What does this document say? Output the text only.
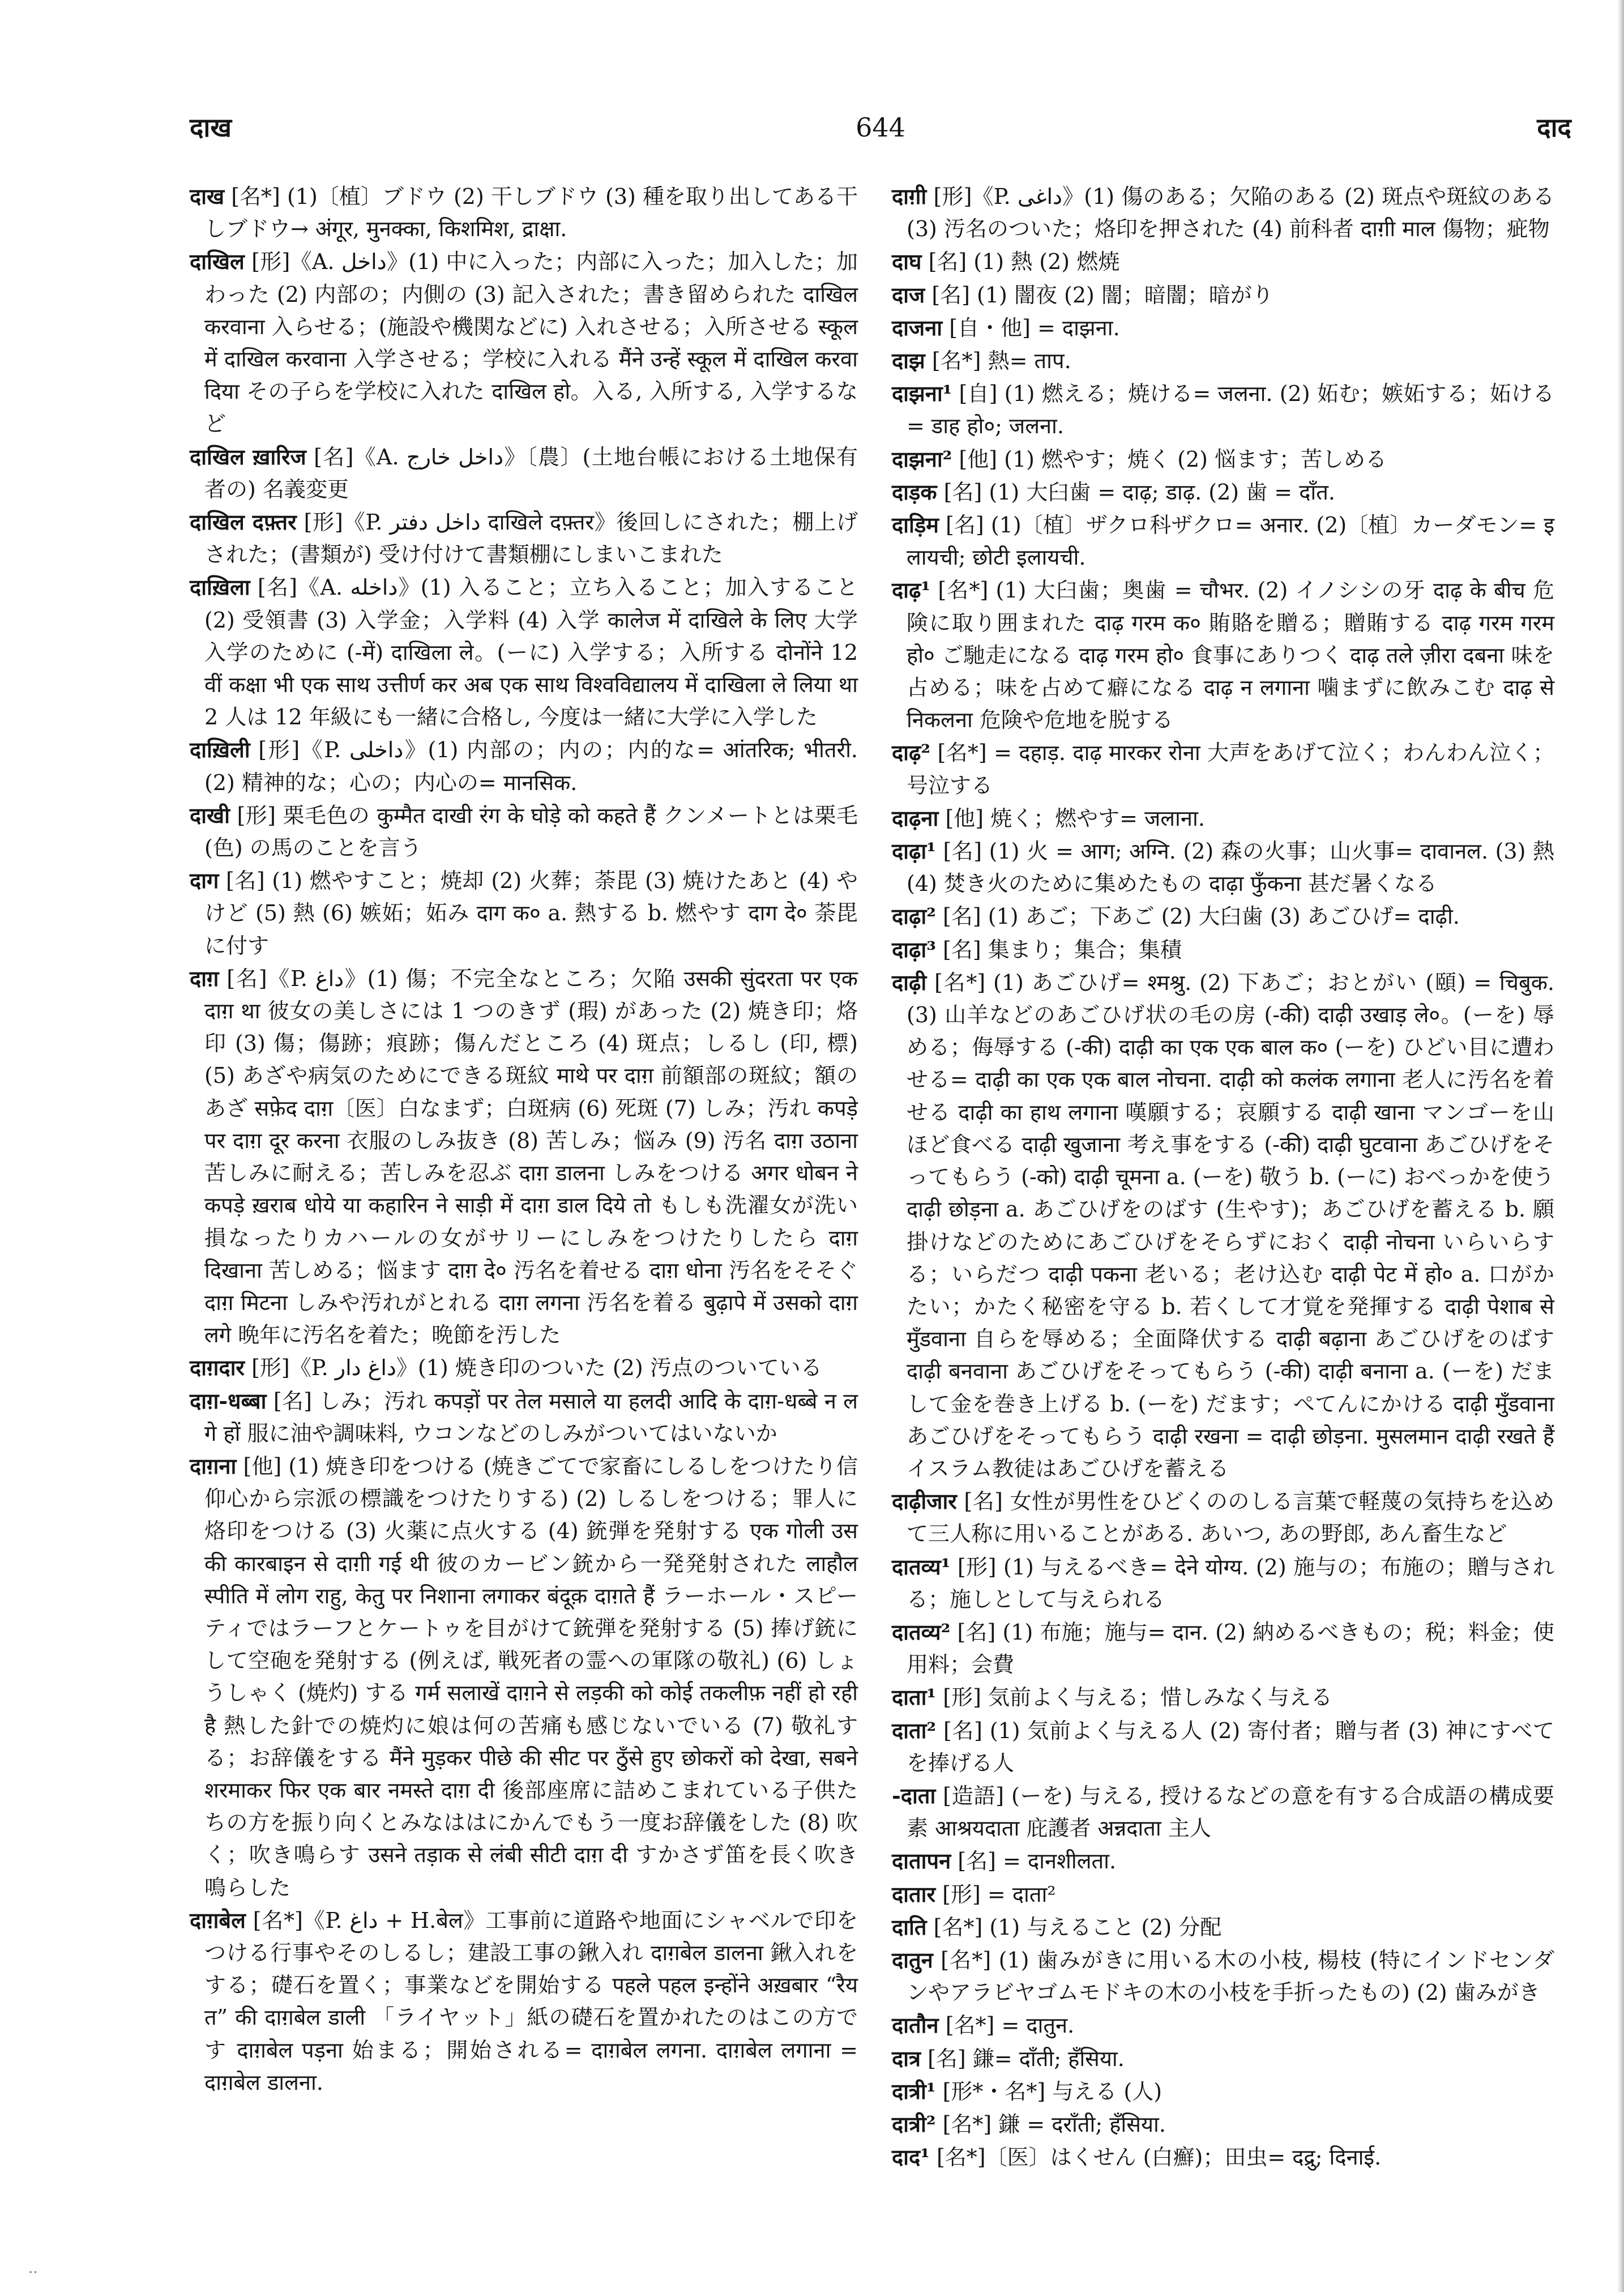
दाख	644	दाद

दाख [名*] (1)〔植〕ブドウ (2) 干しブドウ (3) 種を取り出してある干しブドウ→ अंगूर, मुनक्का, किशमिश, द्राक्षा.

दाखिल [形]《A. داخل》(1) 中に入った；内部に入った；加入した；加わった (2) 内部の；内側の (3) 記入された；書き留められた दाखिल करवाना 入らせる；(施設や機関などに) 入れさせる；入所させる स्कूल में दाखिल करवाना 入学させる；学校に入れる मैंने उन्हें स्कूल में दाखिल करवा दिया その子らを学校に入れた दाखिल हो。入る, 入所する, 入学するなど

दाखिल ख़ारिज [名]《A. داخل خارج》〔農〕(土地台帳における土地保有者の) 名義変更

दाखिल दफ़्तर [形]《P. داخل دفتر दाखिले दफ़्तर》後回しにされた；棚上げされた；(書類が) 受け付けて書類棚にしまいこまれた

दाख़िला [名]《A. داخله》(1) 入ること；立ち入ること；加入すること (2) 受領書 (3) 入学金；入学料 (4) 入学 कालेज में दाखिले के लिए 大学入学のために (-में) दाखिला ले。(ーに) 入学する；入所する दोनोंने 12 वीं कक्षा भी एक साथ उत्तीर्ण कर अब एक साथ विश्वविद्यालय में दाखिला ले लिया था 2 人は 12 年級にも一緒に合格し, 今度は一緒に大学に入学した

दाख़िली [形]《P. داخلی》(1) 内部の；内の；内的な= आंतरिक; भीतरी. (2) 精神的な；心の；内心の= मानसिक.

दाखी [形] 栗毛色の कुम्मैत दाखी रंग के घोड़े को कहते हैं クンメートとは栗毛 (色) の馬のことを言う

दाग [名] (1) 燃やすこと；焼却 (2) 火葬；荼毘 (3) 焼けたあと (4) やけど (5) 熱 (6) 嫉妬；妬み दाग क० a. 熱する b. 燃やす दाग दे० 荼毘に付す

दाग़ [名]《P. داغ》(1) 傷；不完全なところ；欠陥 उसकी सुंदरता पर एक दाग़ था 彼女の美しさには 1 つのきず (瑕) があった (2) 焼き印；烙印 (3) 傷；傷跡；痕跡；傷んだところ (4) 斑点；しるし (印, 標) (5) あざや病気のためにできる斑紋 माथे पर दाग़ 前額部の斑紋；額のあざ सफ़ेद दाग़〔医〕白なまず；白斑病 (6) 死斑 (7) しみ；汚れ कपड़े पर दाग़ दूर करना 衣服のしみ抜き (8) 苦しみ；悩み (9) 汚名 दाग़ उठाना 苦しみに耐える；苦しみを忍ぶ दाग़ डालना しみをつける अगर धोबन ने कपड़े ख़राब धोये या कहारिन ने साड़ी में दाग़ डाल दिये तो もしも洗濯女が洗い損なったりカハールの女がサリーにしみをつけたりしたら दाग़ दिखाना 苦しめる；悩ます दाग़ दे० 汚名を着せる दाग़ धोना 汚名をそそぐ दाग़ मिटना しみや汚れがとれる दाग़ लगना 汚名を着る बुढ़ापे में उसको दाग़ लगे 晩年に汚名を着た；晩節を汚した

दाग़दार [形]《P. داغ دار》(1) 焼き印のついた (2) 汚点のついている

दाग़-धब्बा [名] しみ；汚れ कपड़ों पर तेल मसाले या हलदी आदि के दाग़-धब्बे न लगे हों 服に油や調味料, ウコンなどのしみがついてはいないか

दाग़ना [他] (1) 焼き印をつける (焼きごてで家畜にしるしをつけたり信仰心から宗派の標識をつけたりする) (2) しるしをつける；罪人に烙印をつける (3) 火薬に点火する (4) 銃弾を発射する एक गोली उसकी कारबाइन से दाग़ी गई थी 彼のカービン銃から一発発射された लाहौल स्पीति में लोग राहु, केतु पर निशाना लगाकर बंदूक़ दाग़ते हैं ラーホール・スピーティではラーフとケートゥを目がけて銃弾を発射する (5) 捧げ銃にして空砲を発射する (例えば, 戦死者の霊への軍隊の敬礼) (6) しょうしゃく (焼灼) する गर्म सलाखें दाग़ने से लड़की को कोई तकलीफ़ नहीं हो रही है 熱した針での焼灼に娘は何の苦痛も感じないでいる (7) 敬礼する；お辞儀をする मैंने मुड़कर पीछे की सीट पर ठुँसे हुए छोकरों को देखा, सबने शरमाकर फिर एक बार नमस्ते दाग़ दी 後部座席に詰めこまれている子供たちの方を振り向くとみなははにかんでもう一度お辞儀をした (8) 吹く；吹き鳴らす उसने तड़ाक से लंबी सीटी दाग़ दी すかさず笛を長く吹き鳴らした

दाग़बेल [名*]《P. داغ + H.बेल》工事前に道路や地面にシャベルで印をつける行事やそのしるし；建設工事の鍬入れ दाग़बेल डालना 鍬入れをする；礎石を置く；事業などを開始する पहले पहल इन्होंने अख़बार “रैयत” की दाग़बेल डाली 「ライヤット」紙の礎石を置かれたのはこの方です दाग़बेल पड़ना 始まる；開始される= दाग़बेल लगना. दाग़बेल लगाना = दाग़बेल डालना.

दाग़ी [形]《P. داغی》(1) 傷のある；欠陥のある (2) 斑点や斑紋のある (3) 汚名のついた；烙印を押された (4) 前科者 दाग़ी माल 傷物；疵物

दाघ [名] (1) 熱 (2) 燃焼

दाज [名] (1) 闇夜 (2) 闇；暗闇；暗がり

दाजना [自・他] = दाझना.

दाझ [名*] 熱= ताप.

दाझना¹ [自] (1) 燃える；焼ける= जलना. (2) 妬む；嫉妬する；妬ける= डाह हो०; जलना.

दाझना² [他] (1) 燃やす；焼く (2) 悩ます；苦しめる

दाड़क [名] (1) 大臼歯 = दाढ़; डाढ़. (2) 歯 = दाँत.

दाड़िम [名] (1)〔植〕ザクロ科ザクロ= अनार. (2)〔植〕カーダモン= इलायची; छोटी इलायची.

दाढ़¹ [名*] (1) 大臼歯；奥歯 = चौभर. (2) イノシシの牙 दाढ़ के बीच 危険に取り囲まれた दाढ़ गरम क० 賄賂を贈る；贈賄する दाढ़ गरम गरम हो० ご馳走になる दाढ़ गरम हो० 食事にありつく दाढ़ तले ज़ीरा दबना 味を占める；味を占めて癖になる दाढ़ न लगाना 噛まずに飲みこむ दाढ़ से निकलना 危険や危地を脱する

दाढ़² [名*] = दहाड़. दाढ़ मारकर रोना 大声をあげて泣く；わんわん泣く；号泣する

दाढ़ना [他] 焼く；燃やす= जलाना.

दाढ़ा¹ [名] (1) 火 = आग; अग्नि. (2) 森の火事；山火事= दावानल. (3) 熱 (4) 焚き火のために集めたもの दाढ़ा फुँकना 甚だ暑くなる

दाढ़ा² [名] (1) あご；下あご (2) 大臼歯 (3) あごひげ= दाढ़ी.

दाढ़ा³ [名] 集まり；集合；集積

दाढ़ी [名*] (1) あごひげ= श्मश्रु. (2) 下あご；おとがい (頤) = चिबुक. (3) 山羊などのあごひげ状の毛の房 (-की) दाढ़ी उखाड़ ले०。(ーを) 辱める；侮辱する (-की) दाढ़ी का एक एक बाल क० (ーを) ひどい目に遭わせる= दाढ़ी का एक एक बाल नोचना. दाढ़ी को कलंक लगाना 老人に汚名を着せる दाढ़ी का हाथ लगाना 嘆願する；哀願する दाढ़ी खाना マンゴーを山ほど食べる दाढ़ी खुजाना 考え事をする (-की) दाढ़ी घुटवाना あごひげをそってもらう (-को) दाढ़ी चूमना a. (ーを) 敬う b. (ーに) おべっかを使う दाढ़ी छोड़ना a. あごひげをのばす (生やす)；あごひげを蓄える b. 願掛けなどのためにあごひげをそらずにおく दाढ़ी नोचना いらいらする；いらだつ दाढ़ी पकना 老いる；老け込む दाढ़ी पेट में हो० a. 口がかたい；かたく秘密を守る b. 若くして才覚を発揮する दाढ़ी पेशाब से मुँडवाना 自らを辱める；全面降伏する दाढ़ी बढ़ाना あごひげをのばす दाढ़ी बनवाना あごひげをそってもらう (-की) दाढ़ी बनाना a. (ーを) だまして金を巻き上げる b. (ーを) だます；ぺてんにかける दाढ़ी मुँडवाना あごひげをそってもらう दाढ़ी रखना = दाढ़ी छोड़ना. मुसलमान दाढ़ी रखते हैं イスラム教徒はあごひげを蓄える

दाढ़ीजार [名] 女性が男性をひどくののしる言葉で軽蔑の気持ちを込めて三人称に用いることがある. あいつ, あの野郎, あん畜生など

दातव्य¹ [形] (1) 与えるべき= देने योग्य. (2) 施与の；布施の；贈与される；施しとして与えられる

दातव्य² [名] (1) 布施；施与= दान. (2) 納めるべきもの；税；料金；使用料；会費

दाता¹ [形] 気前よく与える；惜しみなく与える

दाता² [名] (1) 気前よく与える人 (2) 寄付者；贈与者 (3) 神にすべてを捧げる人

-दाता [造語] (ーを) 与える, 授けるなどの意を有する合成語の構成要素 आश्रयदाता 庇護者 अन्नदाता 主人

दातापन [名] = दानशीलता.

दातार [形] = दाता²

दाति [名*] (1) 与えること (2) 分配

दातुन [名*] (1) 歯みがきに用いる木の小枝, 楊枝 (特にインドセンダンやアラビヤゴムモドキの木の小枝を手折ったもの) (2) 歯みがき

दातौन [名*] = दातुन.

दात्र [名] 鎌= दाँती; हँसिया.

दात्री¹ [形*・名*] 与える (人)

दात्री² [名*] 鎌 = दराँती; हँसिया.

दाद¹ [名*]〔医〕はくせん (白癬)；田虫= दद्रु; दिनाई.

..
